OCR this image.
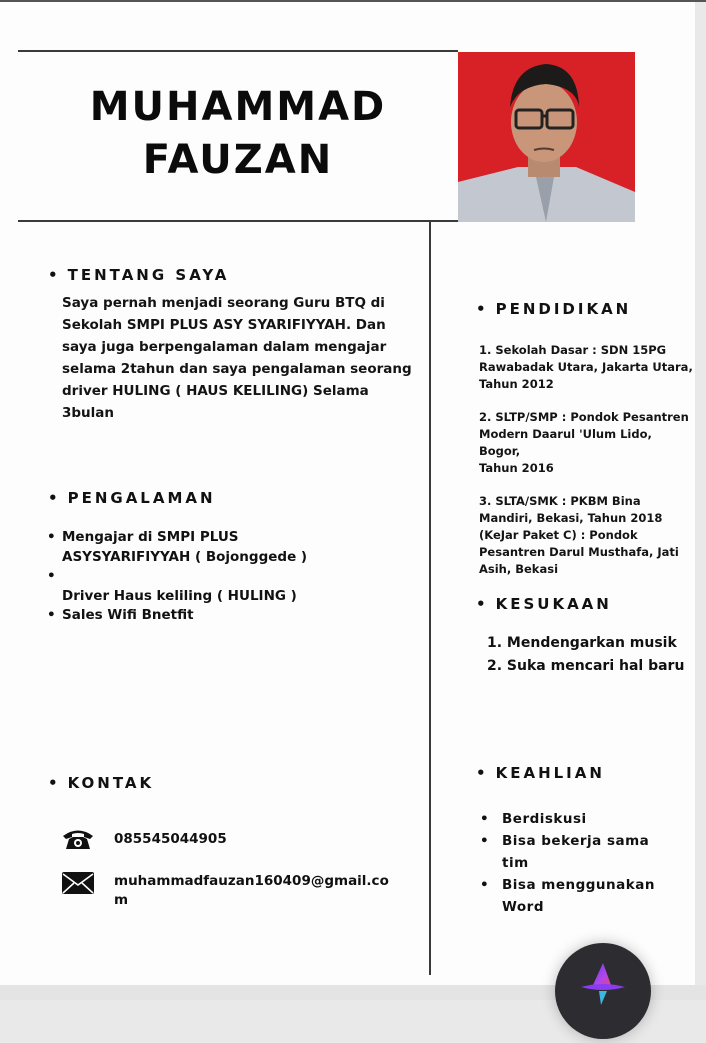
MUHAMMAD
FAUZAN
• TENTANG SAYA
Saya pernah menjadi seorang Guru BTQ di
Sekolah SMPI PLUS ASY SYARIFIYYAH. Dan
saya juga berpengalaman dalam mengajar
selama 2tahun dan saya pengalaman seorang
driver HULING ( HAUS KELILING) Selama
3bulan
• PENGALAMAN
• Mengajar di SMPI PLUS
ASYSYARIFIYYAH ( Bojonggede )
• Driver Haus keliling ( HULING )
• Sales Wifi Bnetfit
• KONTAK
085545044905
muhammadfauzan160409@gmail.com
• PENDIDIKAN
1. Sekolah Dasar : SDN 15PG
Rawabadak Utara, Jakarta Utara,
Tahun 2012
2. SLTP/SMP : Pondok Pesantren
Modern Daarul 'Ulum Lido, Bogor,
Tahun 2016
3. SLTA/SMK : PKBM Bina
Mandiri, Bekasi, Tahun 2018
(KeJar Paket C) : Pondok
Pesantren Darul Musthafa, Jati
Asih, Bekasi
• KESUKAAN
1. Mendengarkan musik
2. Suka mencari hal baru
• KEAHLIAN
• Berdiskusi
• Bisa bekerja sama
tim
• Bisa menggunakan
Word
